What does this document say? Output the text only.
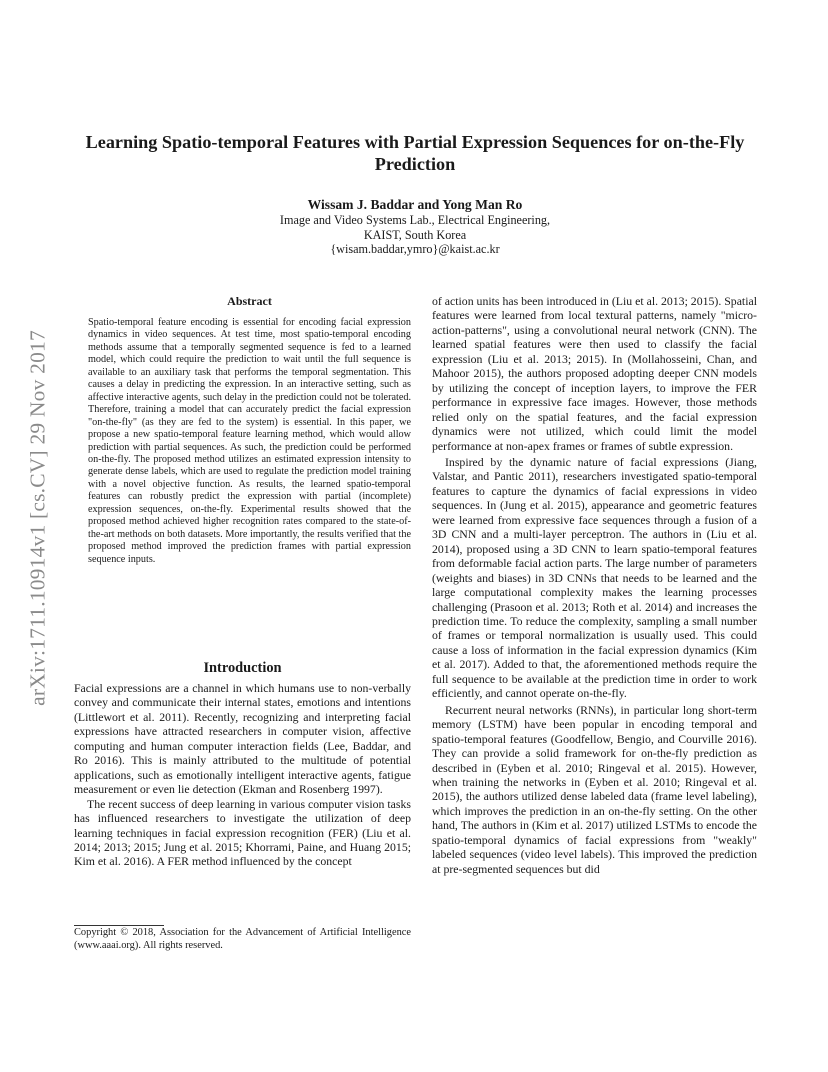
arXiv:1711.10914v1 [cs.CV] 29 Nov 2017
Learning Spatio-temporal Features with Partial Expression Sequences for on-the-Fly Prediction
Wissam J. Baddar and Yong Man Ro
Image and Video Systems Lab., Electrical Engineering,
KAIST, South Korea
{wisam.baddar,ymro}@kaist.ac.kr
Abstract

Spatio-temporal feature encoding is essential for encoding facial expression dynamics in video sequences. At test time, most spatio-temporal encoding methods assume that a temporally segmented sequence is fed to a learned model, which could require the prediction to wait until the full sequence is available to an auxiliary task that performs the temporal segmentation. This causes a delay in predicting the expression. In an interactive setting, such as affective interactive agents, such delay in the prediction could not be tolerated. Therefore, training a model that can accurately predict the facial expression "on-the-fly" (as they are fed to the system) is essential. In this paper, we propose a new spatio-temporal feature learning method, which would allow prediction with partial sequences. As such, the prediction could be performed on-the-fly. The proposed method utilizes an estimated expression intensity to generate dense labels, which are used to regulate the prediction model training with a novel objective function. As results, the learned spatio-temporal features can robustly predict the expression with partial (incomplete) expression sequences, on-the-fly. Experimental results showed that the proposed method achieved higher recognition rates compared to the state-of-the-art methods on both datasets. More importantly, the results verified that the proposed method improved the prediction frames with partial expression sequence inputs.

Introduction

Facial expressions are a channel in which humans use to non-verbally convey and communicate their internal states, emotions and intentions (Littlewort et al. 2011). Recently, recognizing and interpreting facial expressions have attracted researchers in computer vision, affective computing and human computer interaction fields (Lee, Baddar, and Ro 2016). This is mainly attributed to the multitude of potential applications, such as emotionally intelligent interactive agents, fatigue measurement or even lie detection (Ekman and Rosenberg 1997).

The recent success of deep learning in various computer vision tasks has influenced researchers to investigate the utilization of deep learning techniques in facial expression recognition (FER) (Liu et al. 2014; 2013; 2015; Jung et al. 2015; Khorrami, Paine, and Huang 2015; Kim et al. 2016). A FER method influenced by the concept

Copyright © 2018, Association for the Advancement of Artificial Intelligence (www.aaai.org). All rights reserved.

of action units has been introduced in (Liu et al. 2013; 2015). Spatial features were learned from local textural patterns, namely "micro-action-patterns", using a convolutional neural network (CNN). The learned spatial features were then used to classify the facial expression (Liu et al. 2013; 2015). In (Mollahosseini, Chan, and Mahoor 2015), the authors proposed adopting deeper CNN models by utilizing the concept of inception layers, to improve the FER performance in expressive face images. However, those methods relied only on the spatial features, and the facial expression dynamics were not utilized, which could limit the model performance at non-apex frames or frames of subtle expression.

Inspired by the dynamic nature of facial expressions (Jiang, Valstar, and Pantic 2011), researchers investigated spatio-temporal features to capture the dynamics of facial expressions in video sequences. In (Jung et al. 2015), appearance and geometric features were learned from expressive face sequences through a fusion of a 3D CNN and a multi-layer perceptron. The authors in (Liu et al. 2014), proposed using a 3D CNN to learn spatio-temporal features from deformable facial action parts. The large number of parameters (weights and biases) in 3D CNNs that needs to be learned and the large computational complexity makes the learning processes challenging (Prasoon et al. 2013; Roth et al. 2014) and increases the prediction time. To reduce the complexity, sampling a small number of frames or temporal normalization is usually used. This could cause a loss of information in the facial expression dynamics (Kim et al. 2017). Added to that, the aforementioned methods require the full sequence to be available at the prediction time in order to work efficiently, and cannot operate on-the-fly.

Recurrent neural networks (RNNs), in particular long short-term memory (LSTM) have been popular in encoding temporal and spatio-temporal features (Goodfellow, Bengio, and Courville 2016). They can provide a solid framework for on-the-fly prediction as described in (Eyben et al. 2010; Ringeval et al. 2015). However, when training the networks in (Eyben et al. 2010; Ringeval et al. 2015), the authors utilized dense labeled data (frame level labeling), which improves the prediction in an on-the-fly setting. On the other hand, The authors in (Kim et al. 2017) utilized LSTMs to encode the spatio-temporal dynamics of facial expressions from "weakly" labeled sequences (video level labels). This improved the prediction at pre-segmented sequences but did
